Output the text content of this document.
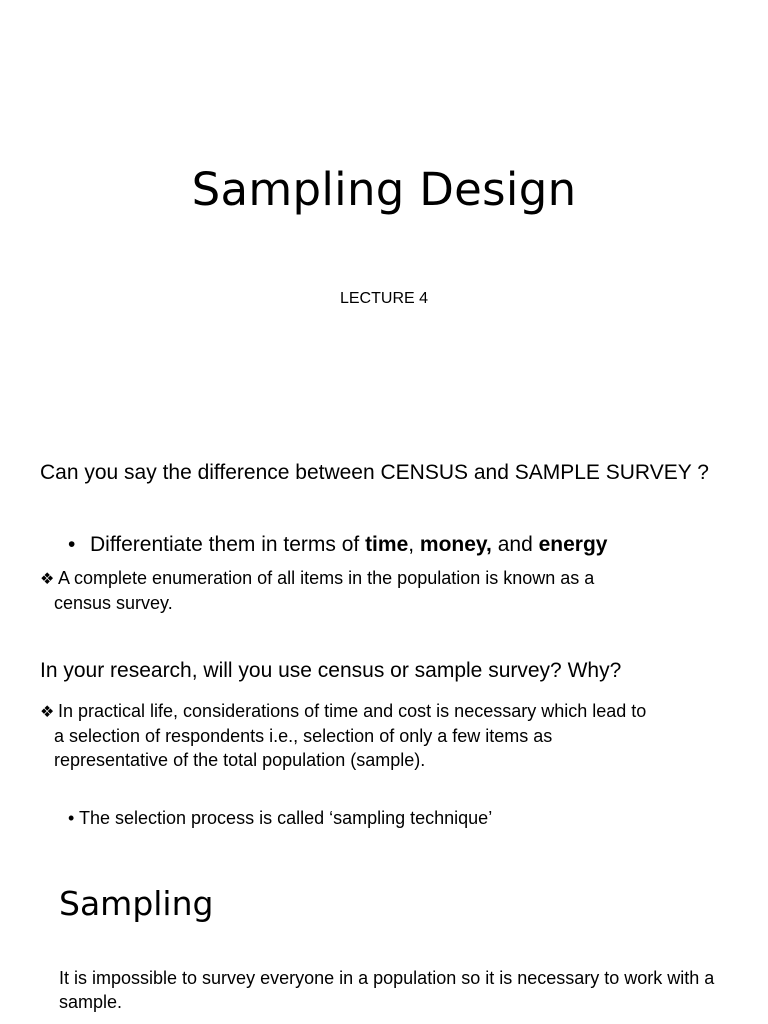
Sampling Design
LECTURE 4
Can you say the difference between CENSUS and SAMPLE SURVEY ?
• Differentiate them in terms of time, money, and energy
❖ A complete enumeration of all items in the population is known as a
census survey.
In your research, will you use census or sample survey? Why?
❖ In practical life, considerations of time and cost is necessary which lead to
a selection of respondents i.e., selection of only a few items as
representative of the total population (sample).
• The selection process is called ‘sampling technique’
Sampling
It is impossible to survey everyone in a population so it is necessary to work with a sample.
